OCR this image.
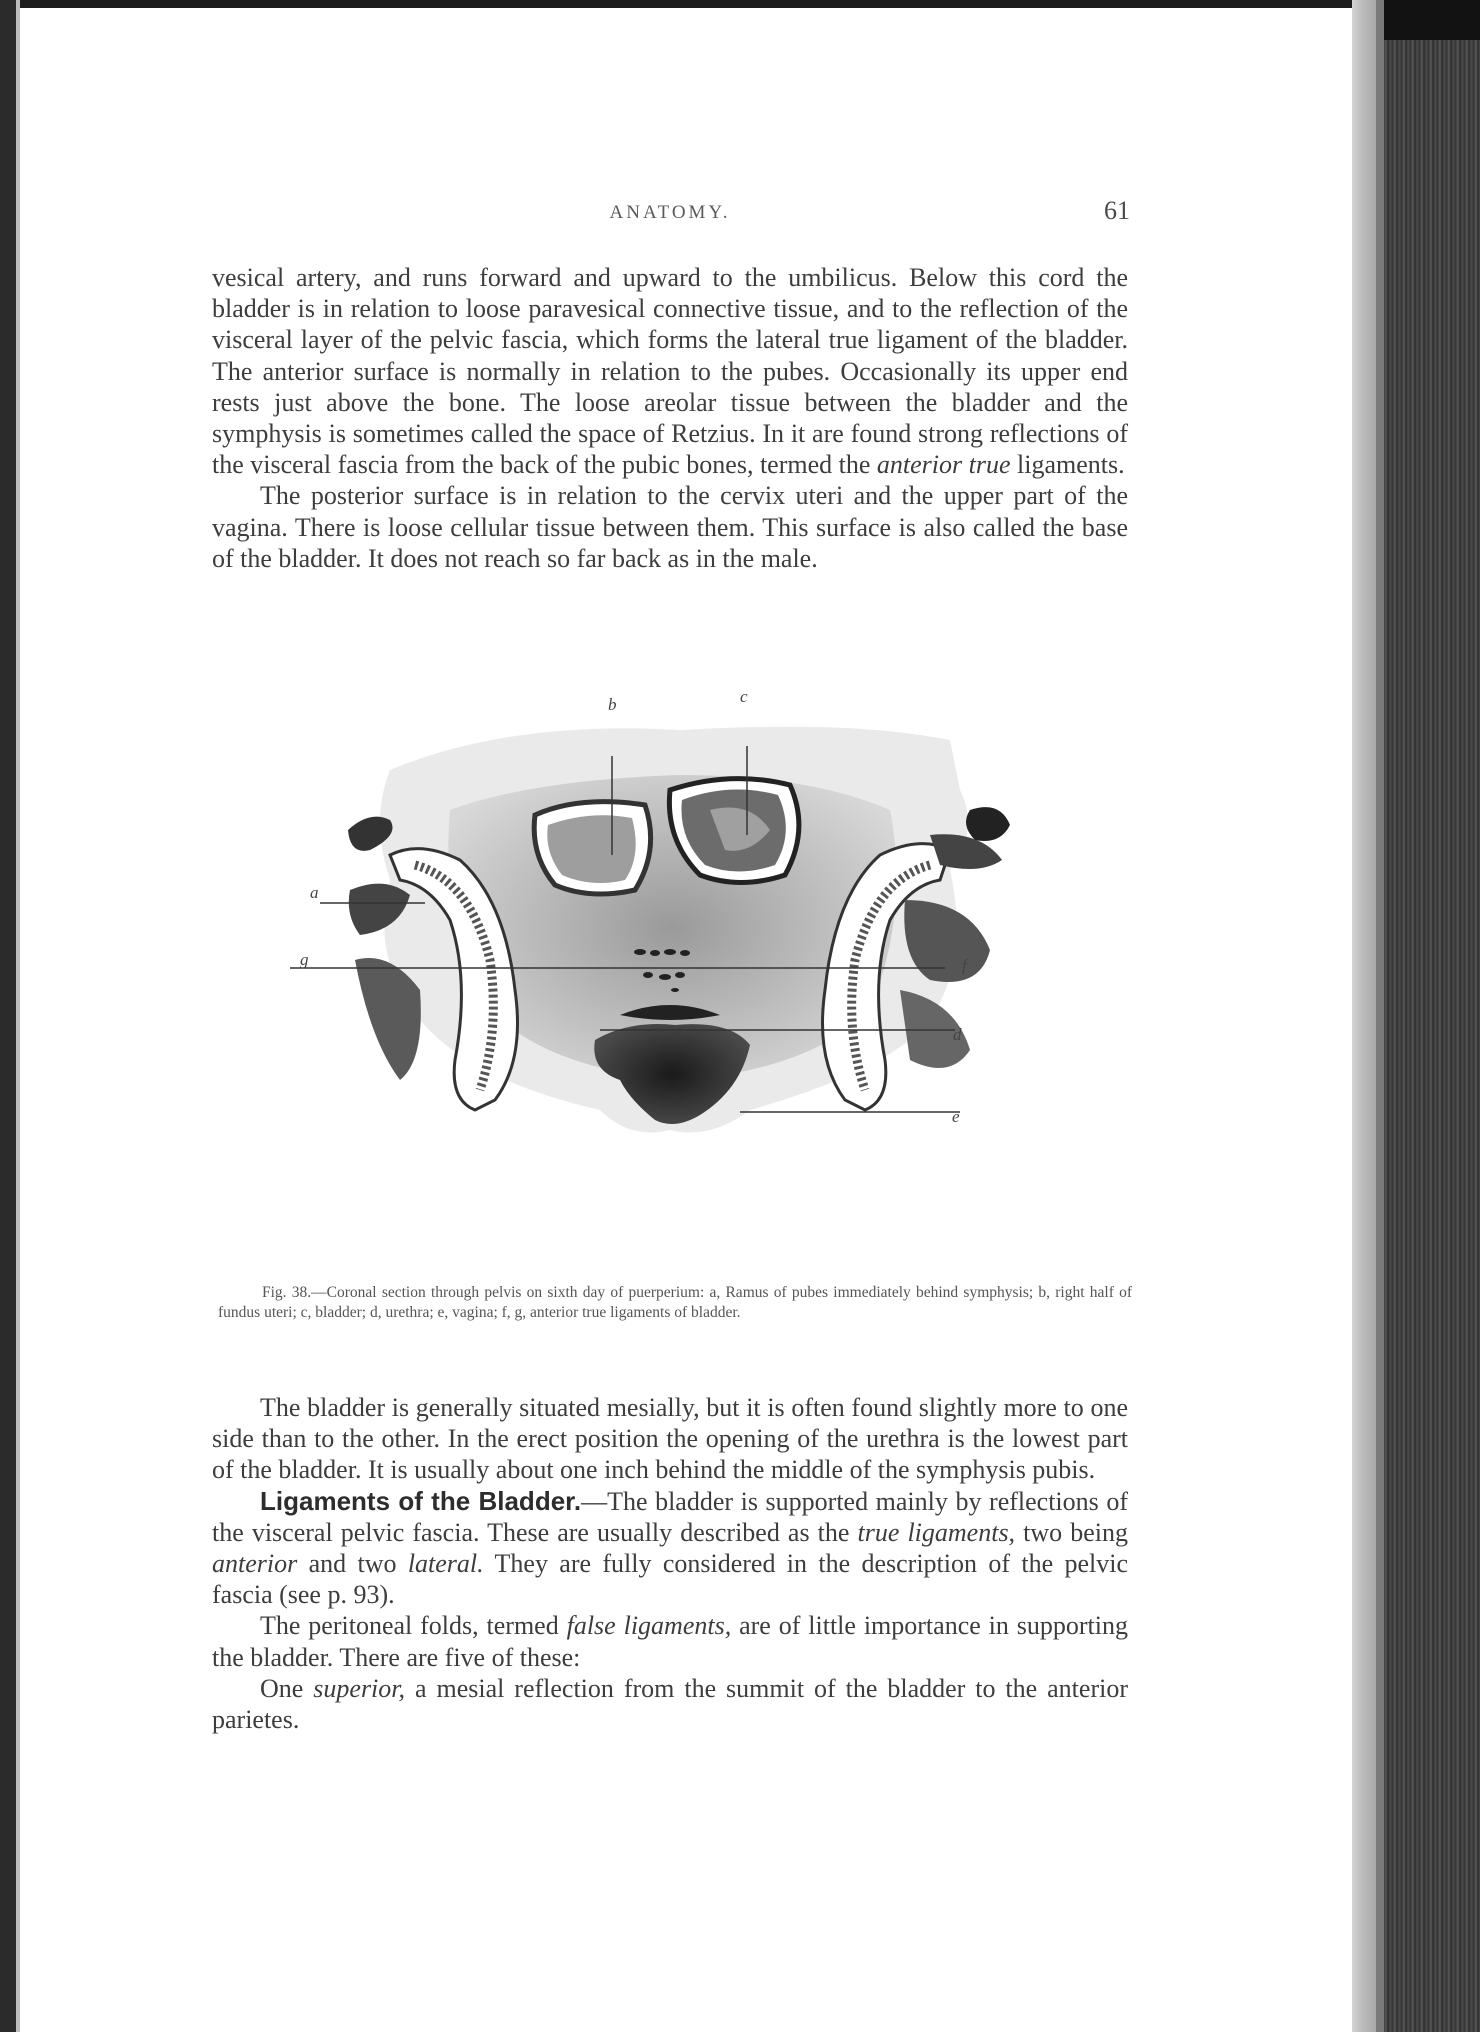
ANATOMY.	61

vesical artery, and runs forward and upward to the umbilicus. Below this cord the bladder is in relation to loose paravesical connective tissue, and to the reflection of the visceral layer of the pelvic fascia, which forms the lateral true ligament of the bladder. The anterior surface is normally in relation to the pubes. Occasionally its upper end rests just above the bone. The loose areolar tissue between the bladder and the symphysis is sometimes called the space of Retzius. In it are found strong reflections of the visceral fascia from the back of the pubic bones, termed the anterior true ligaments.

The posterior surface is in relation to the cervix uteri and the upper part of the vagina. There is loose cellular tissue between them. This surface is also called the base of the bladder. It does not reach so far back as in the male.

a
g
b	c
f
d
e

Fig. 38.—Coronal section through pelvis on sixth day of puerperium: a, Ramus of pubes immediately behind symphysis; b, right half of fundus uteri; c, bladder; d, urethra; e, vagina; f, g, anterior true ligaments of bladder.

The bladder is generally situated mesially, but it is often found slightly more to one side than to the other. In the erect position the opening of the urethra is the lowest part of the bladder. It is usually about one inch behind the middle of the symphysis pubis.

Ligaments of the Bladder.—The bladder is supported mainly by reflections of the visceral pelvic fascia. These are usually described as the true ligaments, two being anterior and two lateral. They are fully considered in the description of the pelvic fascia (see p. 93).

The peritoneal folds, termed false ligaments, are of little importance in supporting the bladder. There are five of these:

One superior, a mesial reflection from the summit of the bladder to the anterior parietes.
